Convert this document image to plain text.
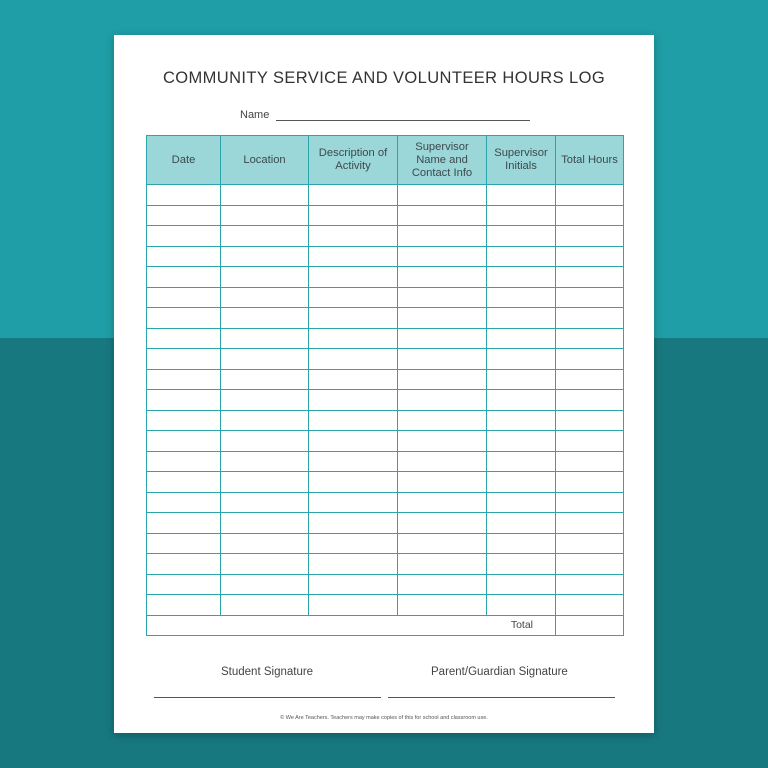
COMMUNITY SERVICE AND VOLUNTEER HOURS LOG
Name
Date	Location	Description of Activity	Supervisor Name and Contact Info	Supervisor Initials	Total Hours

Total					
Student Signature	Parent/Guardian Signature
© We Are Teachers. Teachers may make copies of this for school and classroom use.
